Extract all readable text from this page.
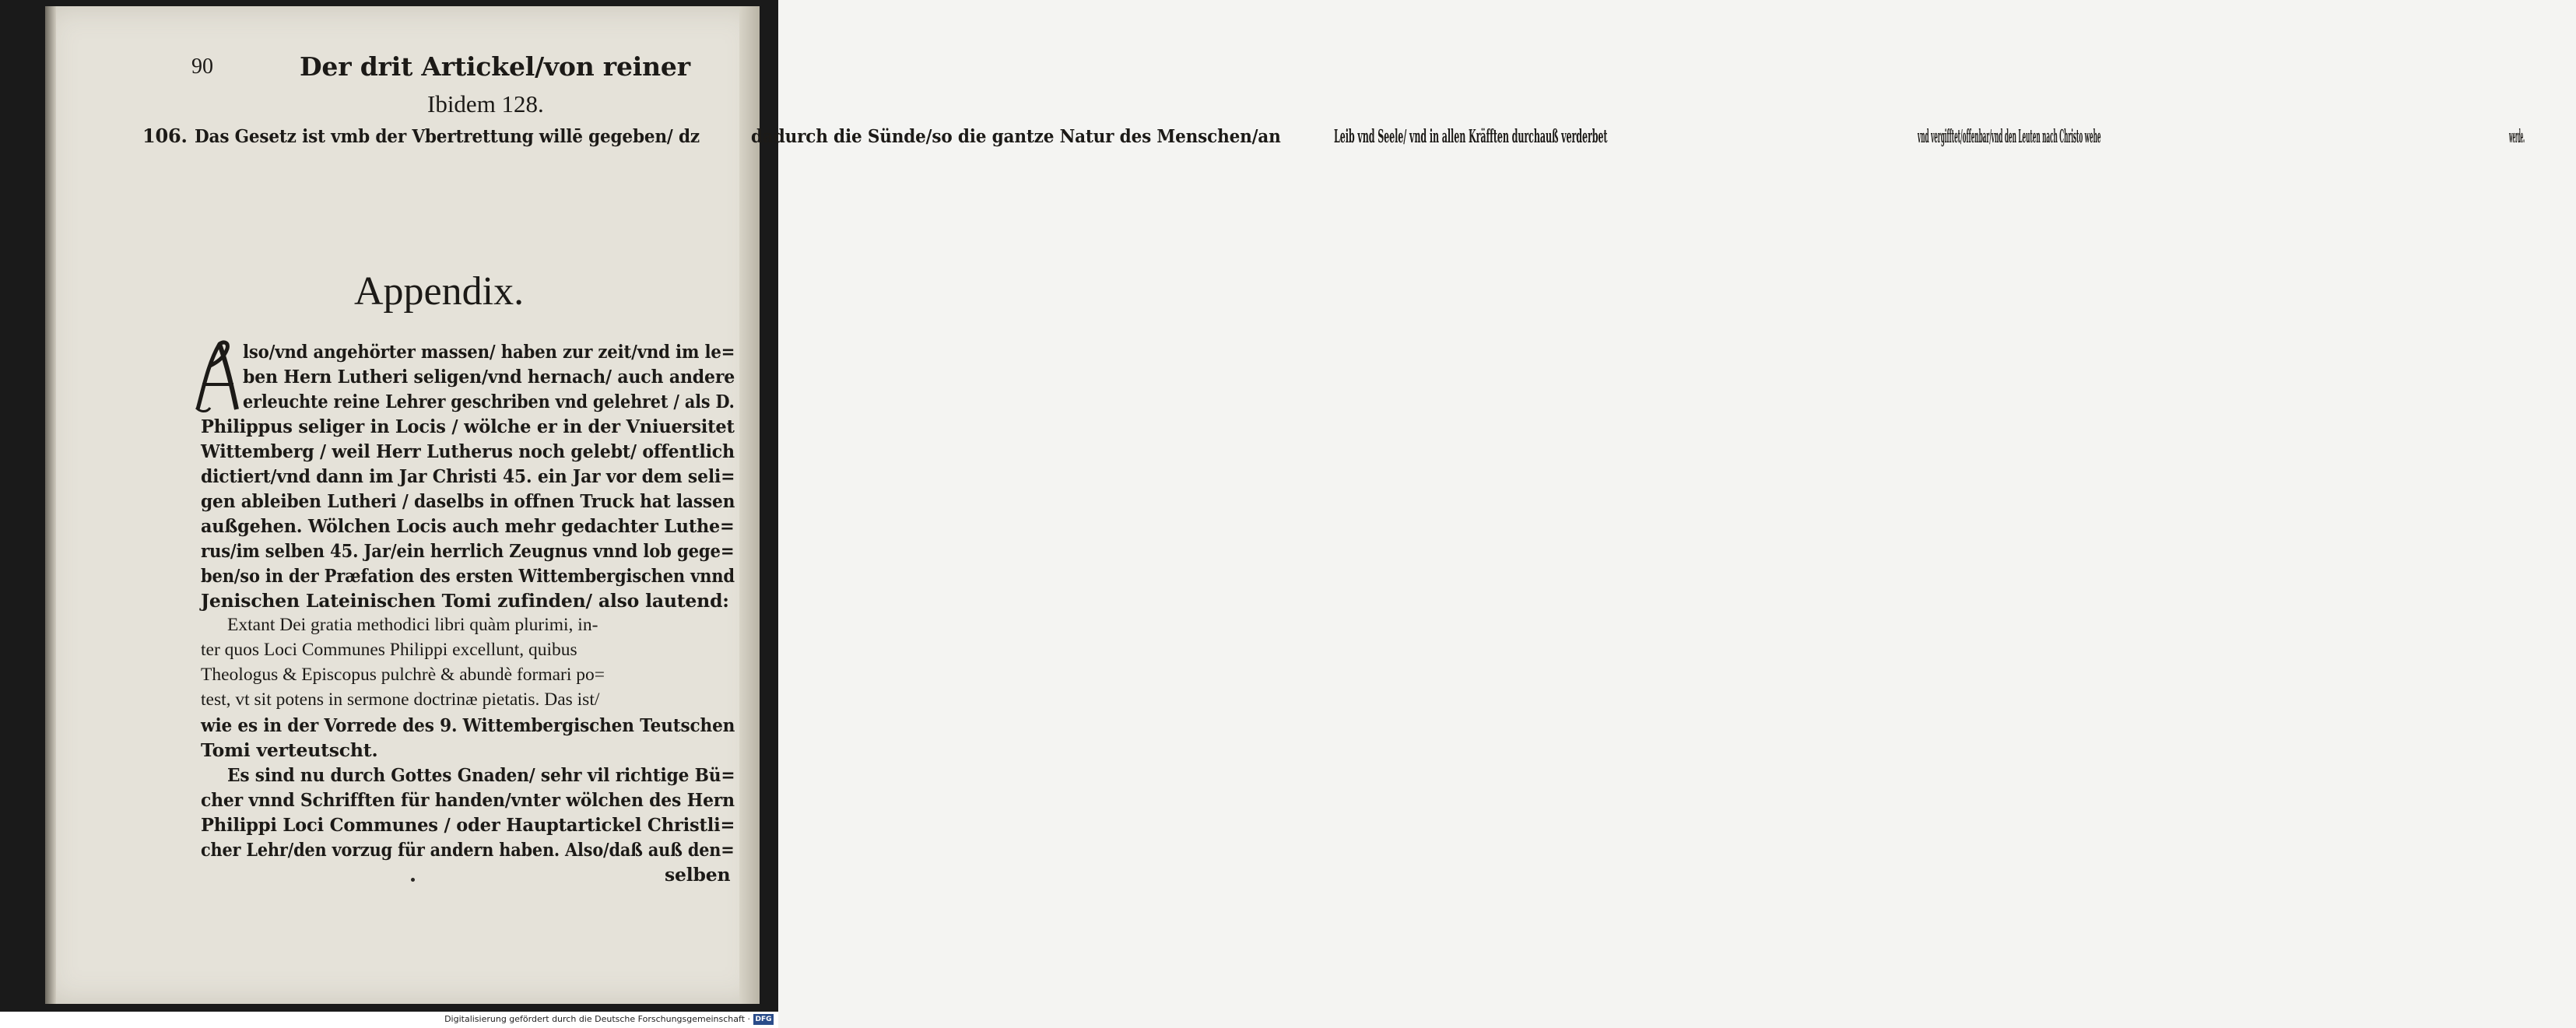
90	Der drit Artickel/von reiner
Ibidem 128.
106. Das Gesetz ist vmb der Vbertrettung willē gegeben/ dz	dadurch die Sünde/so die gantze Natur des Menschen/an	Leib vnd Seele/ vnd in allen Kräfften durchauß verderbet	vnd vergifftet/offenbar/vnd den Leuten nach Christo wehe	werde.
Appendix.
lso/vnd angehörter massen/ haben zur zeit/vnd im le=
ben Hern Lutheri seligen/vnd hernach/ auch andere
erleuchte reine Lehrer geschriben vnd gelehret / als D.
Philippus seliger in Locis / wölche er in der Vniuersitet
Wittemberg / weil Herr Lutherus noch gelebt/ offentlich
dictiert/vnd dann im Jar Christi 45. ein Jar vor dem seli=
gen ableiben Lutheri / daselbs in offnen Truck hat lassen
außgehen. Wölchen Locis auch mehr gedachter Luthe=
rus/im selben 45. Jar/ein herrlich Zeugnus vnnd lob gege=
ben/so in der Præfation des ersten Wittembergischen vnnd
Jenischen Lateinischen Tomi zufinden/ also lautend:
Extant Dei gratia methodici libri quàm plurimi, in-
ter quos Loci Communes Philippi excellunt, quibus
Theologus & Episcopus pulchrè & abundè formari po=
test, vt sit potens in sermone doctrinæ pietatis. Das ist/
wie es in der Vorrede des 9. Wittembergischen Teutschen
Tomi verteutscht.
Es sind nu durch Gottes Gnaden/ sehr vil richtige Bü=
cher vnnd Schrifften für handen/vnter wölchen des Hern
Philippi Loci Communes / oder Hauptartickel Christli=
cher Lehr/den vorzug für andern haben. Also/daß auß den=
selben
Digitalisierung gefördert durch die Deutsche Forschungsgemeinschaft · DFG
